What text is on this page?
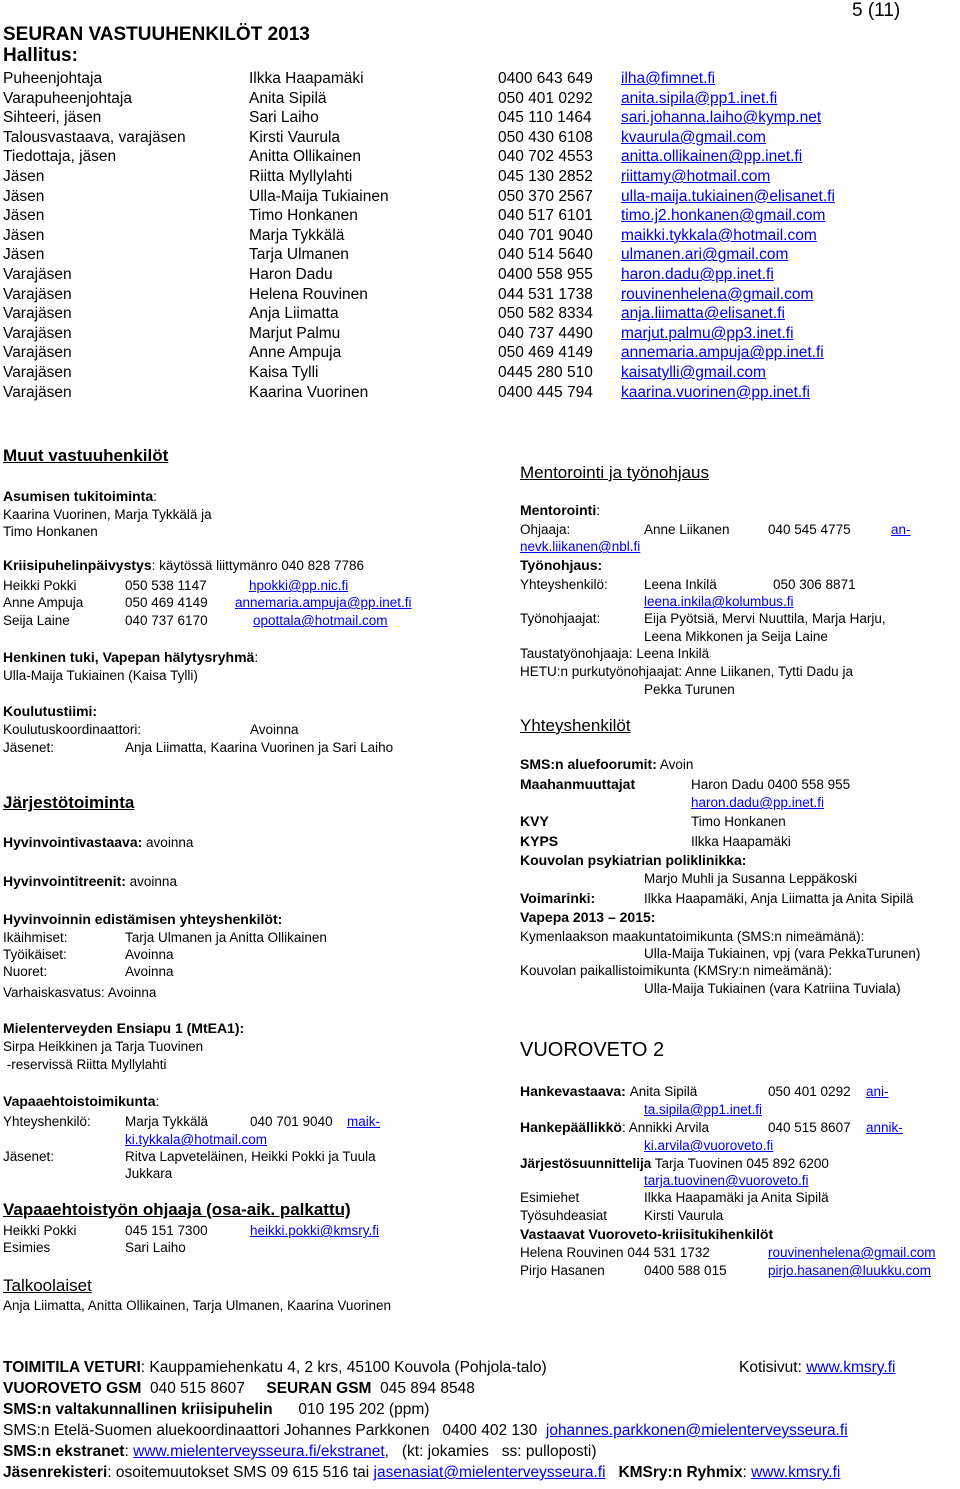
5 (11)
SEURAN VASTUUHENKILÖT 2013
Hallitus:
Puheenjohtaja	Ilkka Haapamäki	0400 643 649 ilha@fimnet.fi
Varapuheenjohtaja	Anita Sipilä	050 401 0292 anita.sipila@pp1.inet.fi
Sihteeri, jäsen	Sari Laiho	045 110 1464 sari.johanna.laiho@kymp.net
Talousvastaava, varajäsen	Kirsti Vaurula	050 430 6108 kvaurula@gmail.com
Tiedottaja, jäsen	Anitta Ollikainen	040 702 4553 anitta.ollikainen@pp.inet.fi
Jäsen	Riitta Myllylahti	045 130 2852 riittamy@hotmail.com
Jäsen	Ulla-Maija Tukiainen	050 370 2567 ulla-maija.tukiainen@elisanet.fi
Jäsen	Timo Honkanen	040 517 6101 timo.j2.honkanen@gmail.com
Jäsen	Marja Tykkälä	040 701 9040 maikki.tykkala@hotmail.com
Jäsen	Tarja Ulmanen	040 514 5640 ulmanen.ari@gmail.com
Varajäsen	Haron Dadu	0400 558 955 haron.dadu@pp.inet.fi
Varajäsen	Helena Rouvinen	044 531 1738 rouvinenhelena@gmail.com
Varajäsen	Anja Liimatta	050 582 8334 anja.liimatta@elisanet.fi
Varajäsen	Marjut Palmu	040 737 4490 marjut.palmu@pp3.inet.fi
Varajäsen	Anne Ampuja	050 469 4149 annemaria.ampuja@pp.inet.fi
Varajäsen	Kaisa Tylli	0445 280 510 kaisatylli@gmail.com
Varajäsen	Kaarina Vuorinen	0400 445 794 kaarina.vuorinen@pp.inet.fi
Muut vastuuhenkilöt
Asumisen tukitoiminta:
Kaarina Vuorinen, Marja Tykkälä ja
Timo Honkanen
Kriisipuhelinpäivystys: käytössä liittymänro 040 828 7786
Heikki Pokki	050 538 1147	hpokki@pp.nic.fi
Anne Ampuja	050 469 4149 annemaria.ampuja@pp.inet.fi
Seija Laine	040 737 6170	opottala@hotmail.com
Henkinen tuki, Vapepan hälytysryhmä:
Ulla-Maija Tukiainen (Kaisa Tylli)
Koulutustiimi:
Koulutuskoordinaattori:	Avoinna
Jäsenet:	Anja Liimatta, Kaarina Vuorinen ja Sari Laiho
Järjestötoiminta
Hyvinvointivastaava: avoinna
Hyvinvointitreenit: avoinna
Hyvinvoinnin edistämisen yhteyshenkilöt:
Ikäihmiset:	Tarja Ulmanen ja Anitta Ollikainen
Työikäiset:	Avoinna
Nuoret:	Avoinna
Varhaiskasvatus: Avoinna
Mielenterveyden Ensiapu 1 (MtEA1):
Sirpa Heikkinen ja Tarja Tuovinen
-reservissä Riitta Myllylahti
Vapaaehtoistoimikunta:
Yhteyshenkilö:	Marja Tykkälä	040 701 9040 maik-
ki.tykkala@hotmail.com
Jäsenet:	Ritva Lapveteläinen, Heikki Pokki ja Tuula
Jukkara
Vapaaehtoistyön ohjaaja (osa-aik. palkattu)
Heikki Pokki	045 151 7300	heikki.pokki@kmsry.fi
Esimies	Sari Laiho
Talkoolaiset
Anja Liimatta, Anitta Ollikainen, Tarja Ulmanen, Kaarina Vuorinen
Mentorointi ja työnohjaus
Mentorointi:
Ohjaaja:	Anne Liikanen	040 545 4775	an-
nevk.liikanen@nbl.fi
Työnohjaus:
Yhteyshenkilö:	Leena Inkilä	050 306 8871
leena.inkila@kolumbus.fi
Työnohjaajat:	Eija Pyötsiä, Mervi Nuuttila, Marja Harju,
Leena Mikkonen ja Seija Laine
Taustatyönohjaaja: Leena Inkilä
HETU:n purkutyönohjaajat: Anne Liikanen, Tytti Dadu ja
Pekka Turunen
Yhteyshenkilöt
SMS:n aluefoorumit: Avoin
Maahanmuuttajat	Haron Dadu 0400 558 955
haron.dadu@pp.inet.fi
KVY	Timo Honkanen
KYPS	Ilkka Haapamäki
Kouvolan psykiatrian poliklinikka:
Marjo Muhli ja Susanna Leppäkoski
Voimarinki:	Ilkka Haapamäki, Anja Liimatta ja Anita Sipilä
Vapepa 2013 – 2015:
Kymenlaakson maakuntatoimikunta (SMS:n nimeämänä):
Ulla-Maija Tukiainen, vpj (vara PekkaTurunen)
Kouvolan paikallistoimikunta (KMSry:n nimeämänä):
Ulla-Maija Tukiainen (vara Katriina Tuviala)
VUOROVETO 2
Hankevastaava: Anita Sipilä	050 401 0292 ani-
ta.sipila@pp1.inet.fi
Hankepäällikkö: Annikki Arvila	040 515 8607 annik-
ki.arvila@vuoroveto.fi
Järjestösuunnittelija Tarja Tuovinen 045 892 6200
tarja.tuovinen@vuoroveto.fi
Esimiehet	Ilkka Haapamäki ja Anita Sipilä
Työsuhdeasiat	Kirsti Vaurula
Vastaavat Vuoroveto-kriisitukihenkilöt
Helena Rouvinen 044 531 1732	rouvinenhelena@gmail.com
Pirjo Hasanen	0400 588 015	pirjo.hasanen@luukku.com
TOIMITILA VETURI: Kauppamiehenkatu 4, 2 krs, 45100 Kouvola (Pohjola-talo)	Kotisivut: www.kmsry.fi
VUOROVETO GSM 040 515 8607 SEURAN GSM 045 894 8548
SMS:n valtakunnallinen kriisipuhelin 010 195 202 (ppm)
SMS:n Etelä-Suomen aluekoordinaattori Johannes Parkkonen   0400 402 130 johannes.parkkonen@mielenterveysseura.fi
SMS:n ekstranet: www.mielenterveysseura.fi/ekstranet,   (kt: jokamies   ss: pulloposti)
Jäsenrekisteri: osoitemuutokset SMS 09 615 516 tai jasenasiat@mielenterveysseura.fi KMSry:n Ryhmix: www.kmsry.fi
